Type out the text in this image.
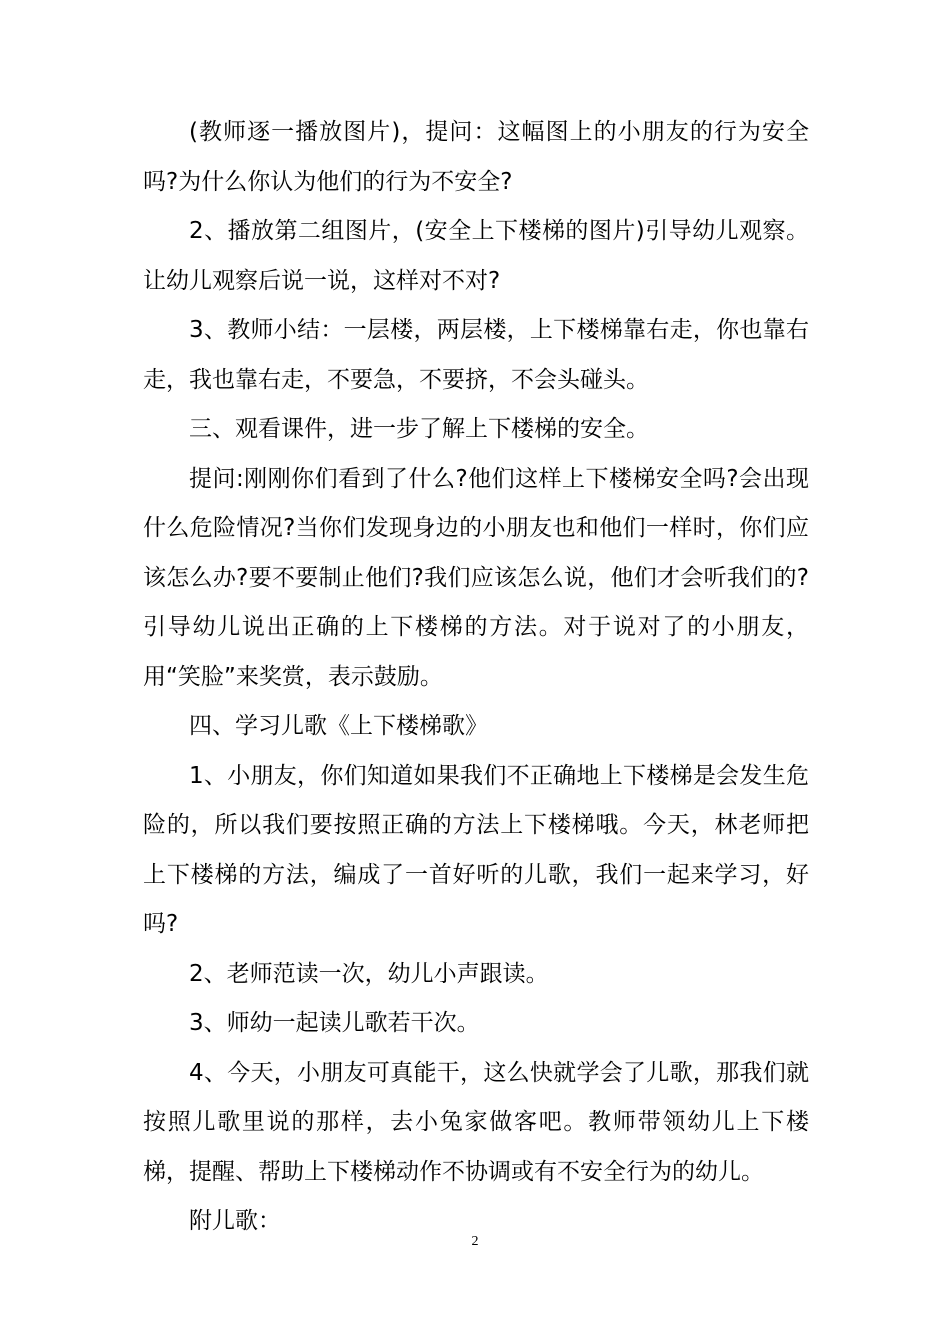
(教师逐一播放图片)，提问：这幅图上的小朋友的行为安全吗?为什么你认为他们的行为不安全?

2、播放第二组图片，(安全上下楼梯的图片)引导幼儿观察。让幼儿观察后说一说，这样对不对?

3、教师小结：一层楼，两层楼，上下楼梯靠右走，你也靠右走，我也靠右走，不要急，不要挤，不会头碰头。

三、观看课件，进一步了解上下楼梯的安全。

提问:刚刚你们看到了什么?他们这样上下楼梯安全吗?会出现什么危险情况?当你们发现身边的小朋友也和他们一样时，你们应该怎么办?要不要制止他们?我们应该怎么说，他们才会听我们的?引导幼儿说出正确的上下楼梯的方法。对于说对了的小朋友，用“笑脸”来奖赏，表示鼓励。

四、学习儿歌《上下楼梯歌》

1、小朋友，你们知道如果我们不正确地上下楼梯是会发生危险的，所以我们要按照正确的方法上下楼梯哦。今天，林老师把上下楼梯的方法，编成了一首好听的儿歌，我们一起来学习，好吗?

2、老师范读一次，幼儿小声跟读。

3、师幼一起读儿歌若干次。

4、今天，小朋友可真能干，这么快就学会了儿歌，那我们就按照儿歌里说的那样，去小兔家做客吧。教师带领幼儿上下楼梯，提醒、帮助上下楼梯动作不协调或有不安全行为的幼儿。

附儿歌：

2
